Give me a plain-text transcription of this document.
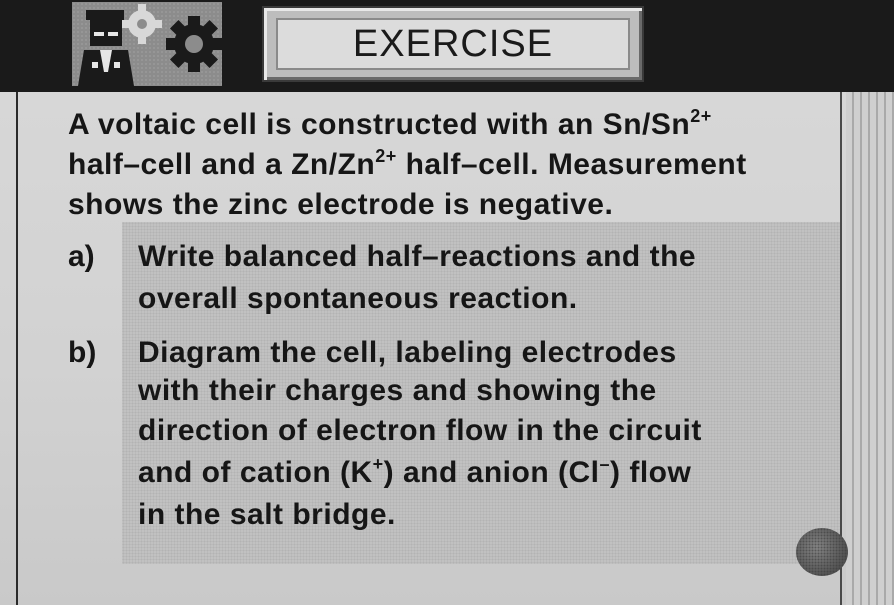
EXERCISE
A voltaic cell is constructed with an $Sn/Sn^{2+}$
half–cell and a $Zn/Zn^{2+}$ half–cell. Measurement
shows the zinc electrode is negative.
a) Write balanced half–reactions and the
overall spontaneous reaction.
b) Diagram the cell, labeling electrodes
with their charges and showing the
direction of electron flow in the circuit
and of cation (K+) and anion (Cl–) flow
in the salt bridge.
